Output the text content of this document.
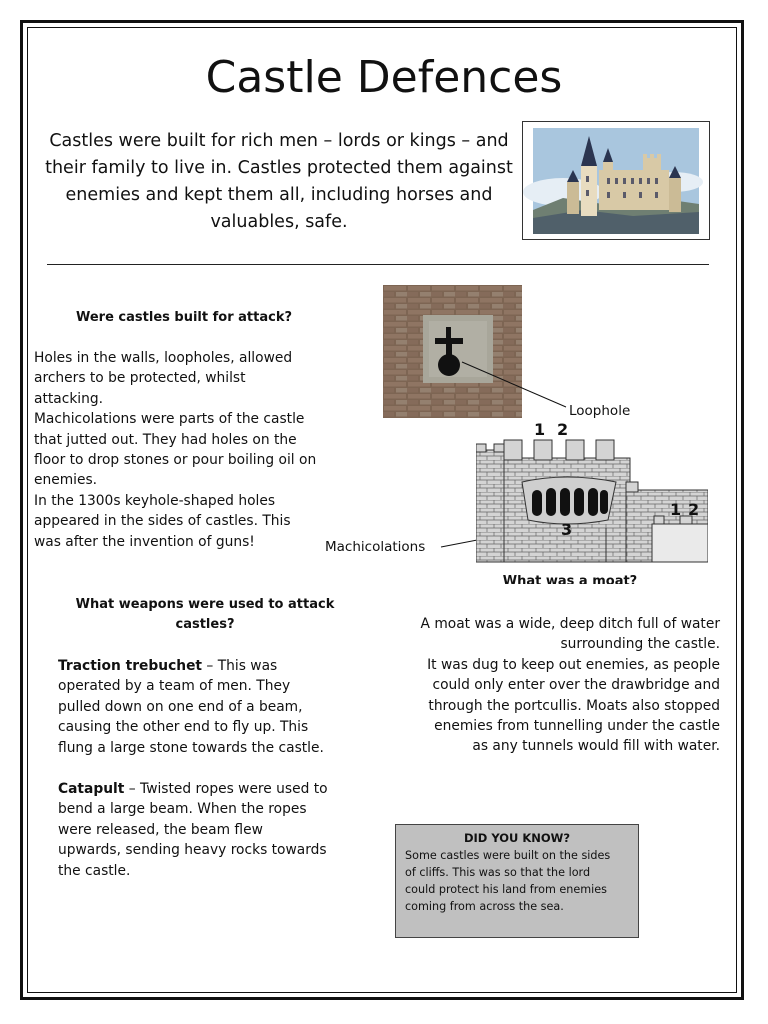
Castle Defences
Castles were built for rich men – lords or kings – and their family to live in. Castles protected them against enemies and kept them all, including horses and valuables, safe.
Were castles built for attack?
Holes in the walls, loopholes, allowed
archers to be protected, whilst
attacking.
Machicolations were parts of the castle
that jutted out. They had holes on the
floor to drop stones or pour boiling oil on
enemies.
In the 1300s keyhole-shaped holes
appeared in the sides of castles. This
was after the invention of guns!
Loophole
1 2
1 2
3
Machicolations
What was a moat?
What weapons were used to attack
castles?
Traction trebuchet – This was
operated by a team of men. They
pulled down on one end of a beam,
causing the other end to fly up. This
flung a large stone towards the castle.
Catapult – Twisted ropes were used to
bend a large beam. When the ropes
were released, the beam flew
upwards, sending heavy rocks towards
the castle.
A moat was a wide, deep ditch full of water
surrounding the castle.
It was dug to keep out enemies, as people
could only enter over the drawbridge and
through the portcullis. Moats also stopped
enemies from tunnelling under the castle
as any tunnels would fill with water.
DID YOU KNOW?
Some castles were built on the sides
of cliffs. This was so that the lord
could protect his land from enemies
coming from across the sea.
